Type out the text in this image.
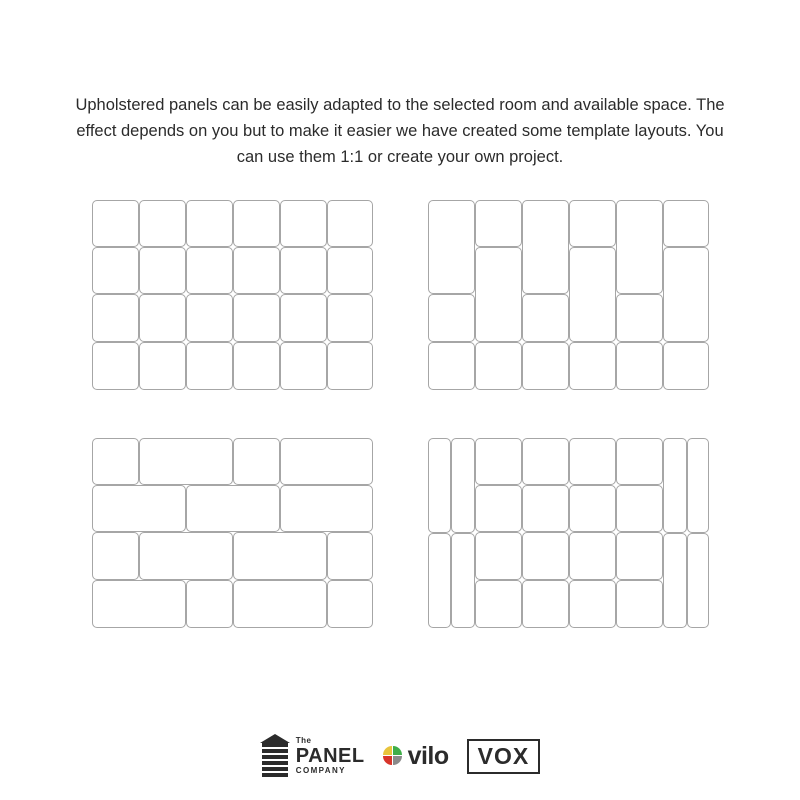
Upholstered panels can be easily adapted to the selected room and available space. The effect depends on you but to make it easier we have created some template layouts. You can use them 1:1 or create your own project.

The
PANEL
COMPANY
vilo	VOX
